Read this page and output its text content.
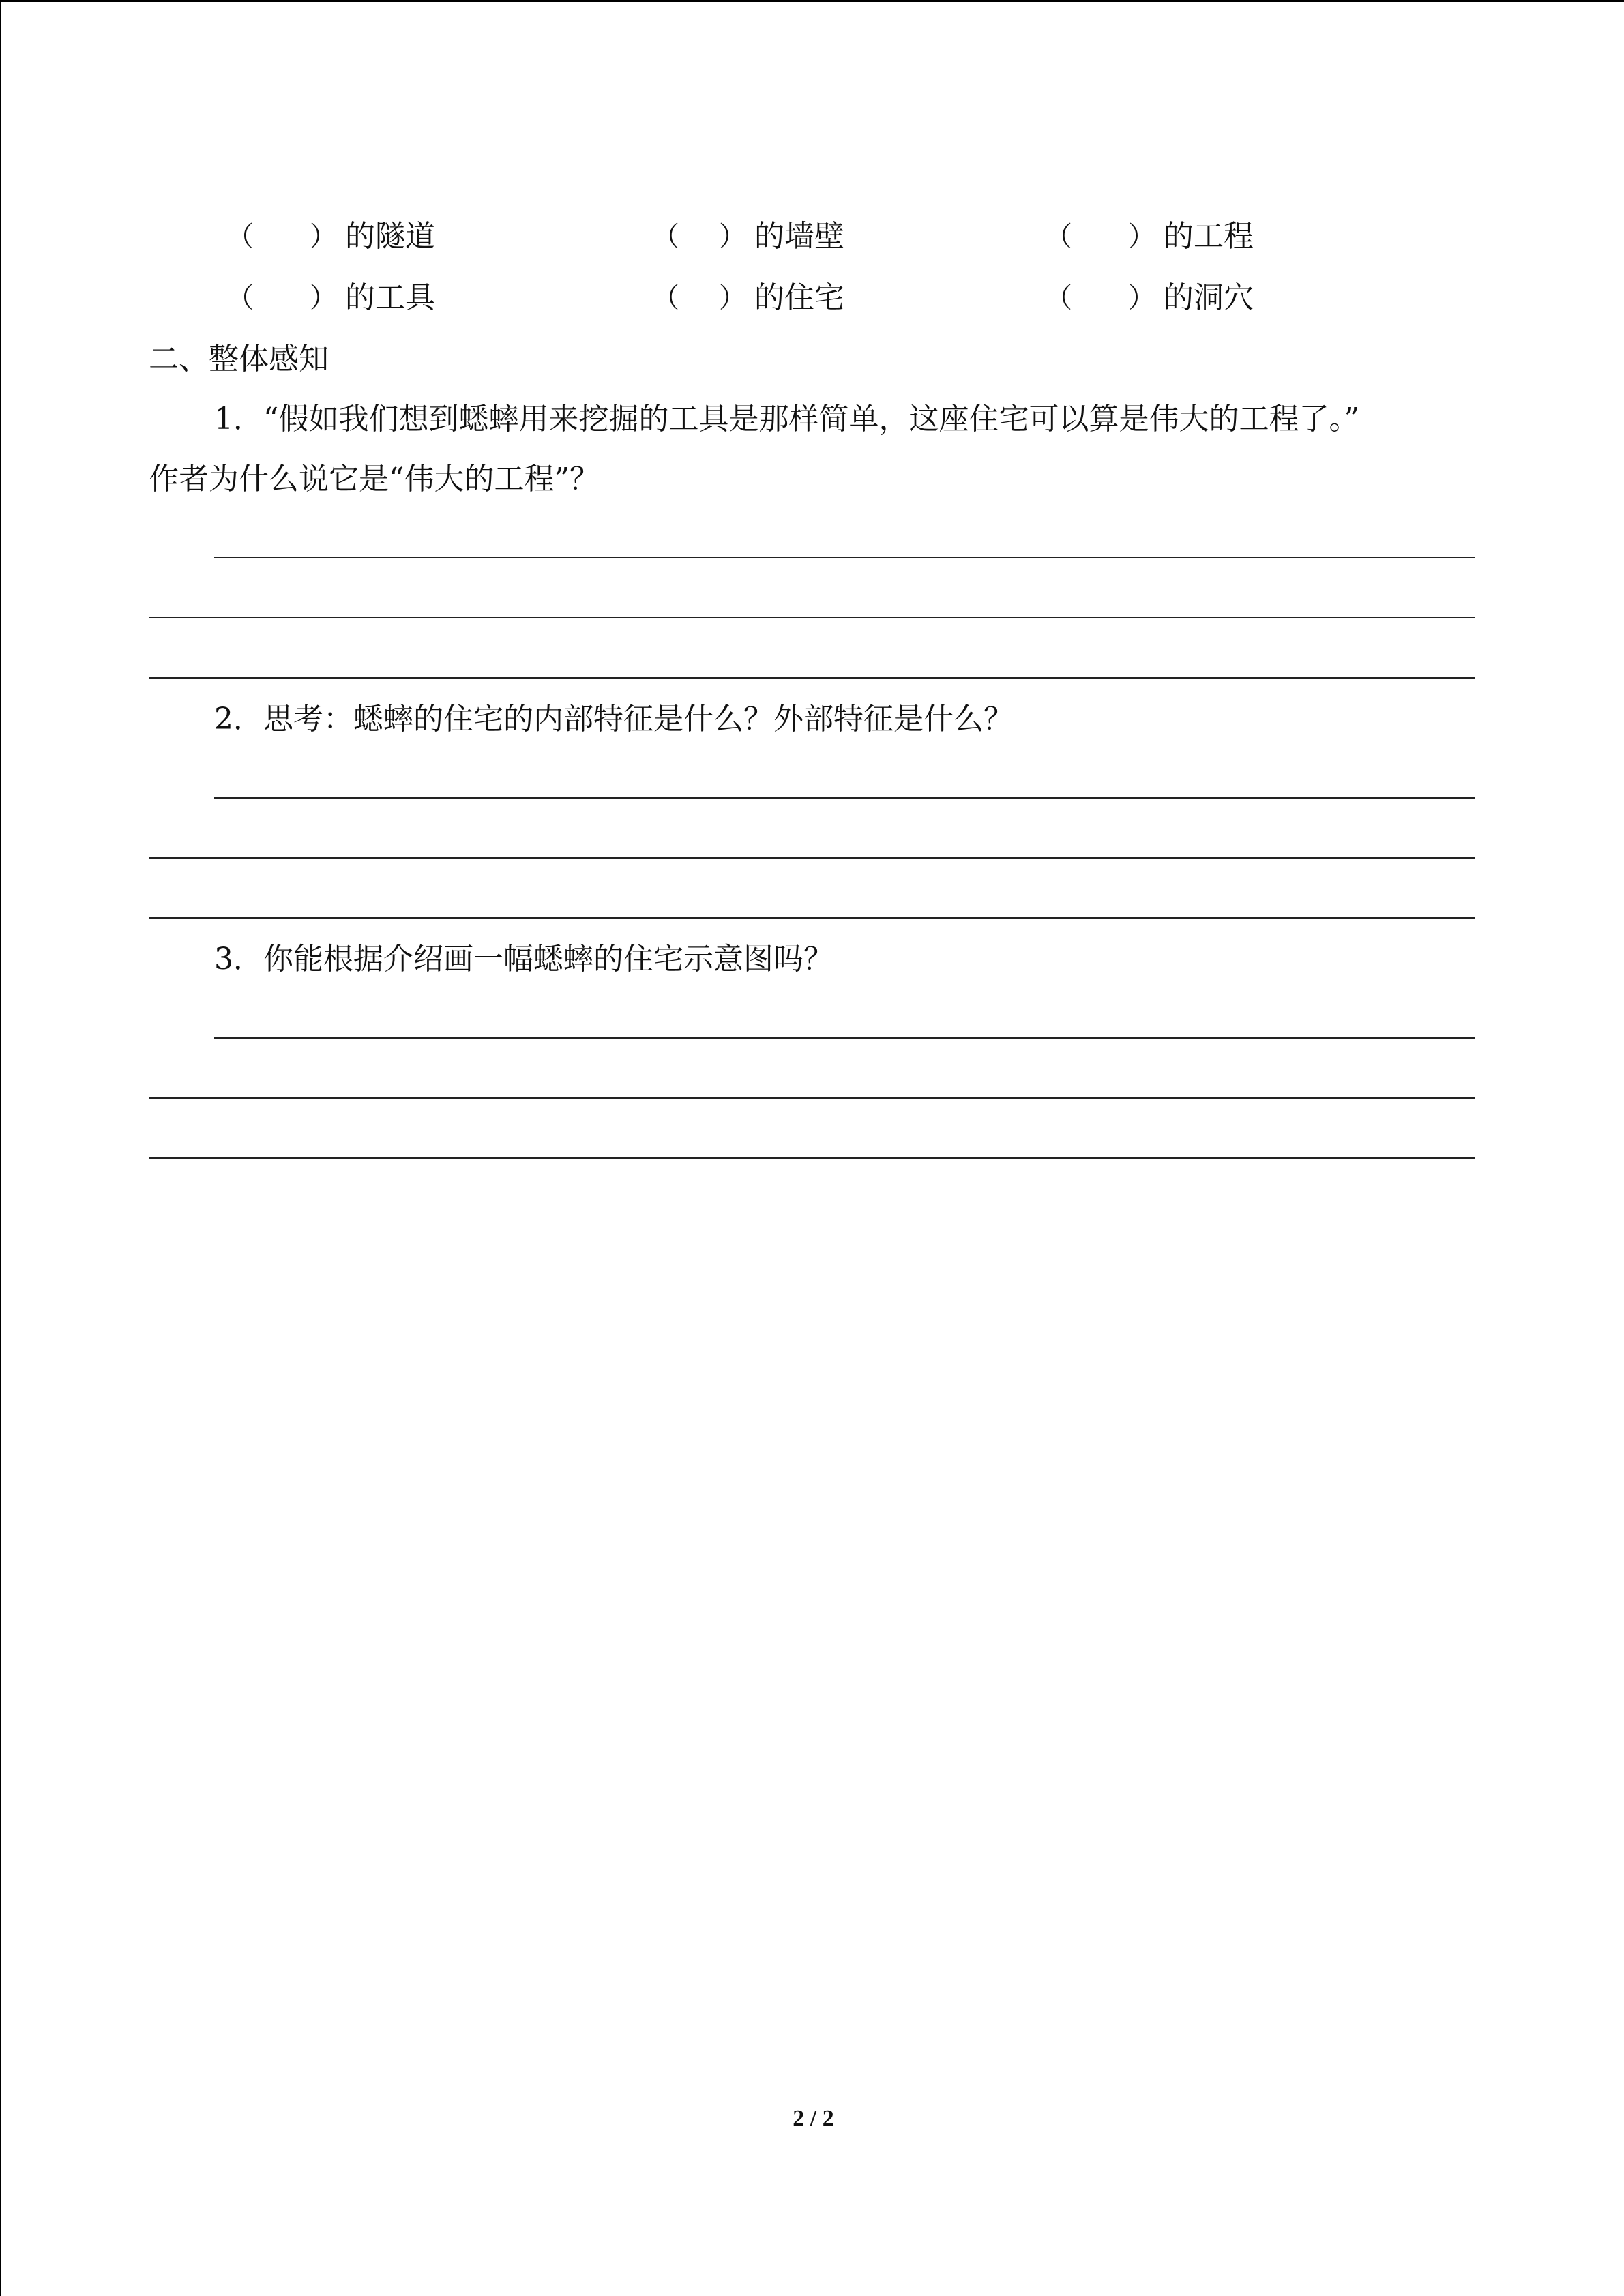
（ ） 的隧道	（ ） 的墙壁	（ ） 的工程
（ ） 的工具	（ ） 的住宅	（ ） 的洞穴
二、整体感知
1．“假如我们想到蟋蟀用来挖掘的工具是那样简单，这座住宅可以算是伟大的工程了。”
作者为什么说它是“伟大的工程”？
2．思考：蟋蟀的住宅的内部特征是什么？外部特征是什么？
3．你能根据介绍画一幅蟋蟀的住宅示意图吗？
2 / 2
